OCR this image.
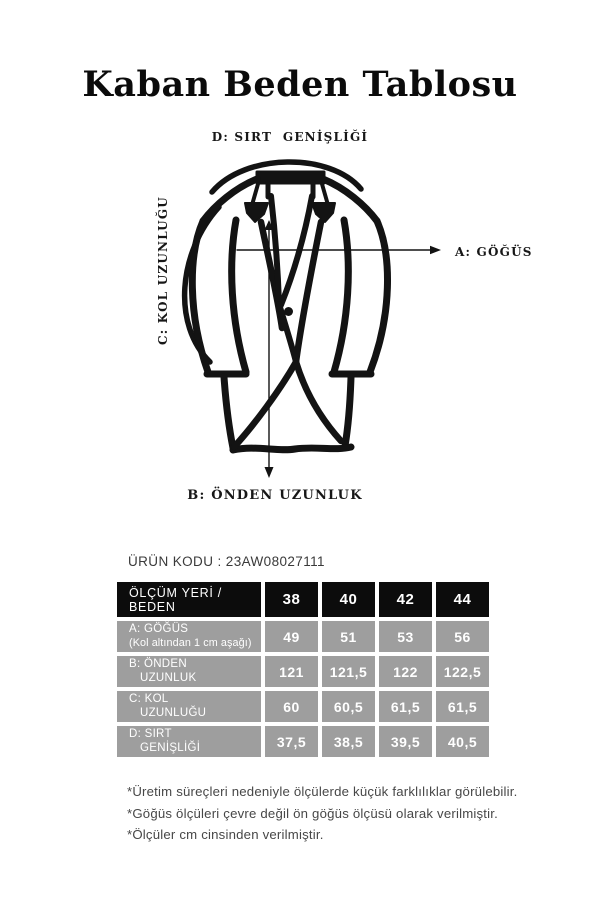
Kaban Beden Tablosu
D: SIRT  GENİŞLİĞİ
A: GÖĞÜS
C: KOL UZUNLUĞU
B: ÖNDEN UZUNLUK
ÜRÜN KODU : 23AW08027111
ÖLÇÜM YERİ / BEDEN	38	40	42	44
A: GÖĞÜS
(Kol altından 1 cm aşağı)	49	51	53	56
B: ÖNDEN
UZUNLUK	121	121,5	122	122,5
C: KOL
UZUNLUĞU	60	60,5	61,5	61,5
D: SIRT
GENİŞLİĞİ	37,5	38,5	39,5	40,5
*Üretim süreçleri nedeniyle ölçülerde küçük farklılıklar görülebilir.
*Göğüs ölçüleri çevre değil ön göğüs ölçüsü olarak verilmiştir.
*Ölçüler cm cinsinden verilmiştir.
